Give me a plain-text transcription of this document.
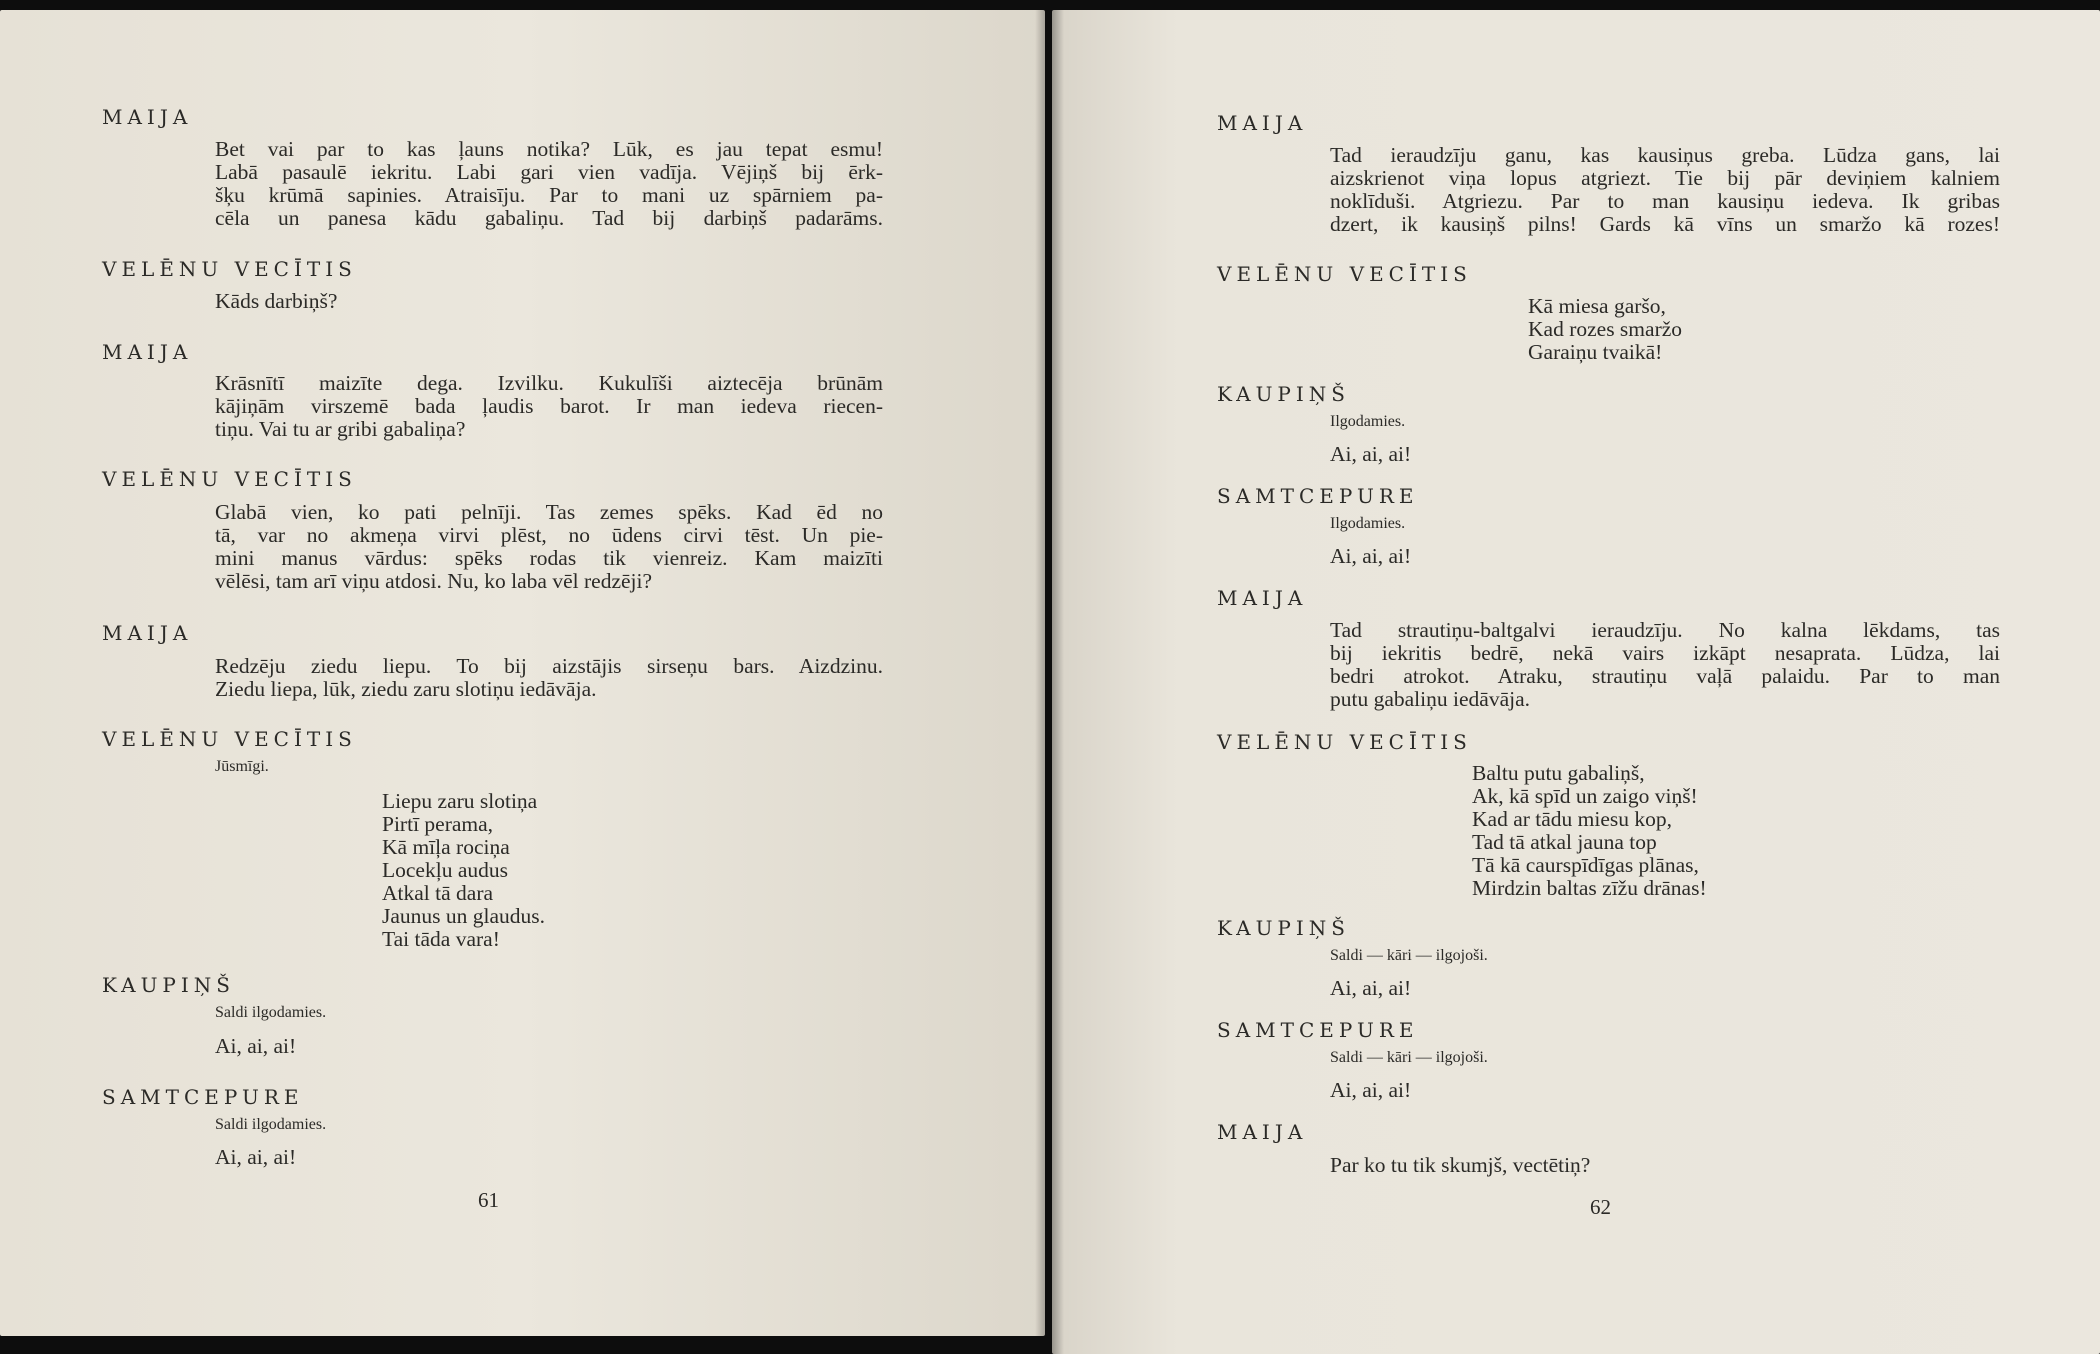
MAIJA
Bet vai par to kas ļauns notika? Lūk, es jau tepat esmu!
Labā pasaulē iekritu. Labi gari vien vadīja. Vējiņš bij ērk-
šķu krūmā sapinies. Atraisīju. Par to mani uz spārniem pa-
cēla un panesa kādu gabaliņu. Tad bij darbiņš padarāms.
VELĒNU VECĪTIS
Kāds darbiņš?
MAIJA
Krāsnītī maizīte dega. Izvilku. Kukulīši aiztecēja brūnām
kājiņām virszemē bada ļaudis barot. Ir man iedeva riecen-
tiņu. Vai tu ar gribi gabaliņa?
VELĒNU VECĪTIS
Glabā vien, ko pati pelnīji. Tas zemes spēks. Kad ēd no
tā, var no akmeņa virvi plēst, no ūdens cirvi tēst. Un pie-
mini manus vārdus: spēks rodas tik vienreiz. Kam maizīti
vēlēsi, tam arī viņu atdosi. Nu, ko laba vēl redzēji?
MAIJA
Redzēju ziedu liepu. To bij aizstājis sirseņu bars. Aizdzinu.
Ziedu liepa, lūk, ziedu zaru slotiņu iedāvāja.
VELĒNU VECĪTIS
Jūsmīgi.
Liepu zaru slotiņa
Pirtī perama,
Kā mīļa rociņa
Locekļu audus
Atkal tā dara
Jaunus un glaudus.
Tai tāda vara!
KAUPIŅŠ
Saldi ilgodamies.
Ai, ai, ai!
SAMTCEPURE
Saldi ilgodamies.
Ai, ai, ai!
61
MAIJA
Tad ieraudzīju ganu, kas kausiņus greba. Lūdza gans, lai
aizskrienot viņa lopus atgriezt. Tie bij pār deviņiem kalniem
noklīduši. Atgriezu. Par to man kausiņu iedeva. Ik gribas
dzert, ik kausiņš pilns! Gards kā vīns un smaržo kā rozes!
VELĒNU VECĪTIS
Kā miesa garšo,
Kad rozes smaržo
Garaiņu tvaikā!
KAUPIŅŠ
Ilgodamies.
Ai, ai, ai!
SAMTCEPURE
Ilgodamies.
Ai, ai, ai!
MAIJA
Tad strautiņu-baltgalvi ieraudzīju. No kalna lēkdams, tas
bij iekritis bedrē, nekā vairs izkāpt nesaprata. Lūdza, lai
bedri atrokot. Atraku, strautiņu vaļā palaidu. Par to man
putu gabaliņu iedāvāja.
VELĒNU VECĪTIS
Baltu putu gabaliņš,
Ak, kā spīd un zaigo viņš!
Kad ar tādu miesu kop,
Tad tā atkal jauna top
Tā kā caurspīdīgas plānas,
Mirdzin baltas zīžu drānas!
KAUPIŅŠ
Saldi — kāri — ilgojoši.
Ai, ai, ai!
SAMTCEPURE
Saldi — kāri — ilgojoši.
Ai, ai, ai!
MAIJA
Par ko tu tik skumjš, vectētiņ?
62
